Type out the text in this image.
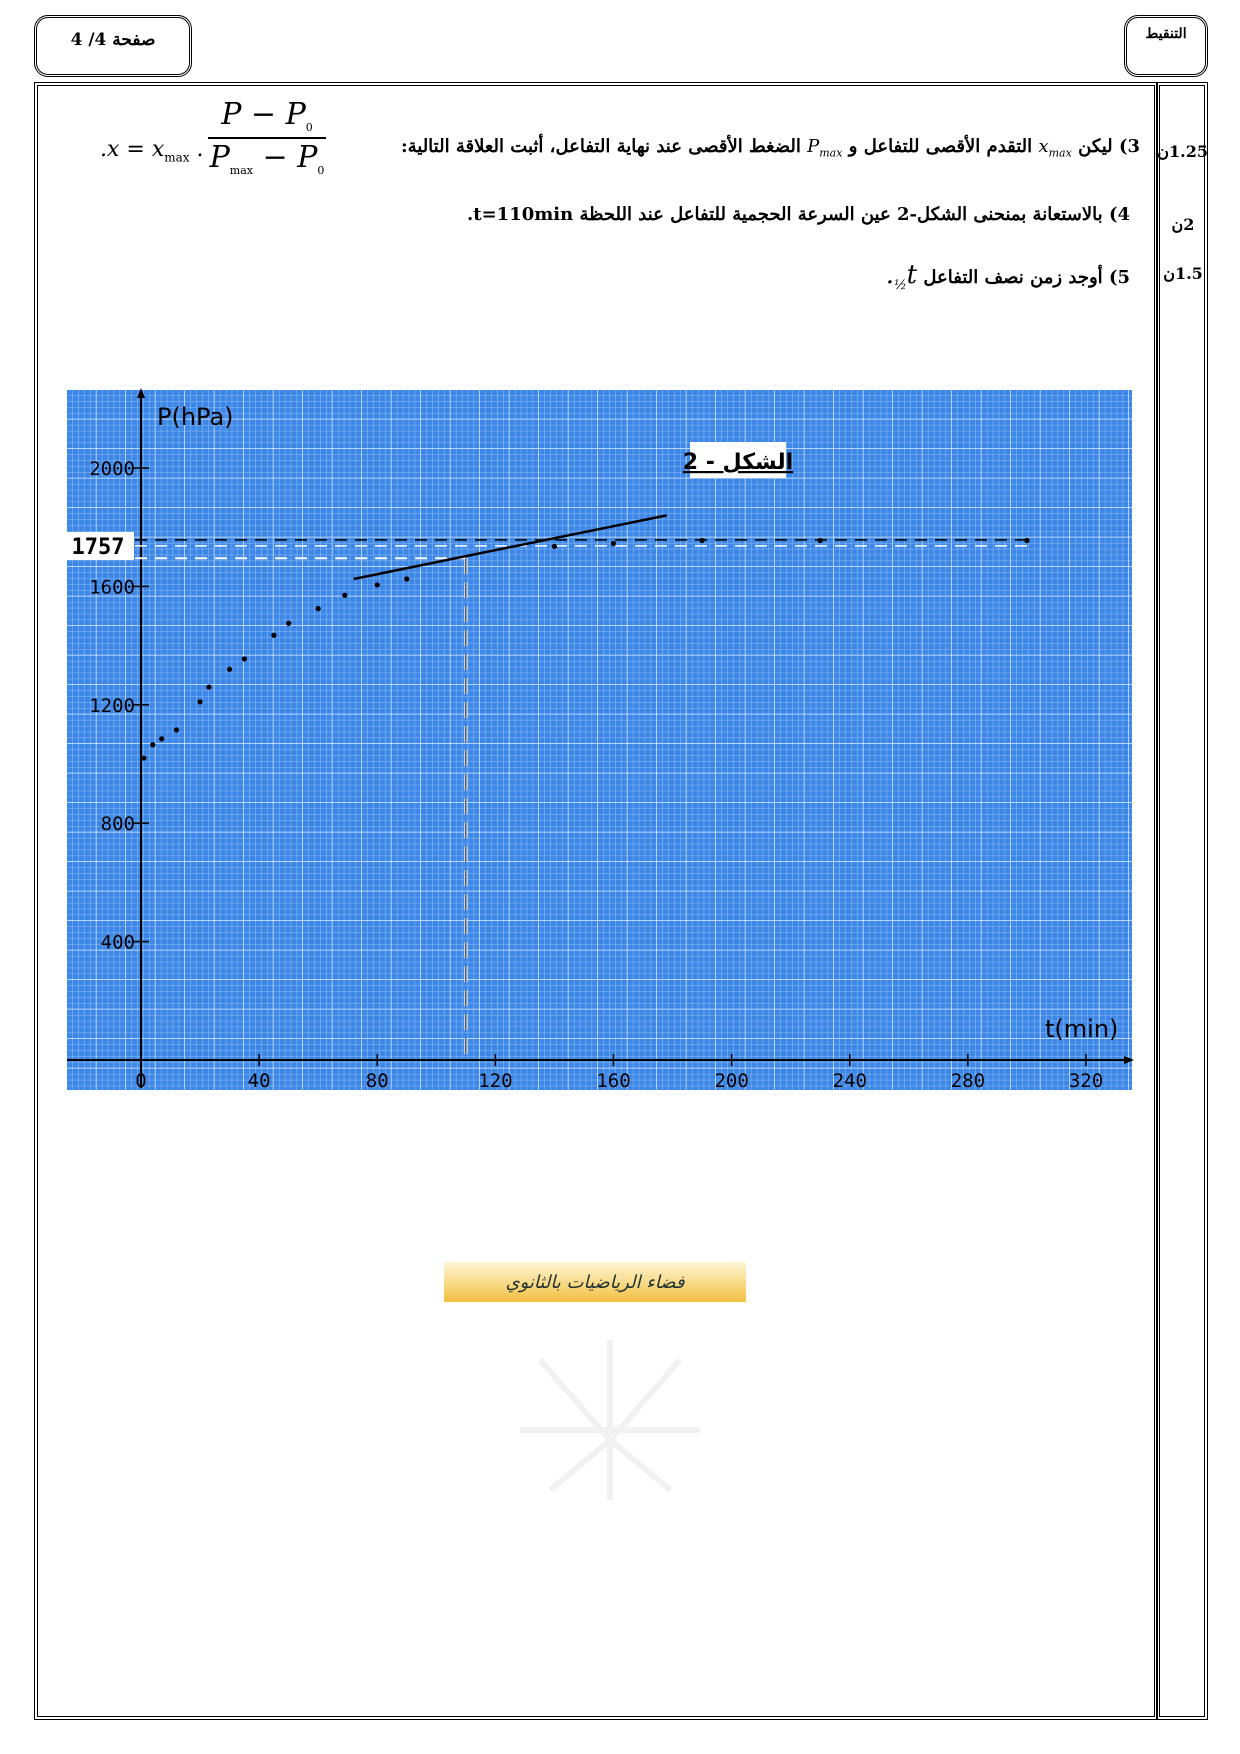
صفحة 4/ 4	التنقيط
1.25ن
2ن
1.5ن
3) ليكن $x_{max}$ التقدم الأقصى للتفاعل و $P_{max}$ الضغط الأقصى عند نهاية التفاعل، أثبت العلاقة التالية:
$.x = x_{max}$ .
$P - P_0$
$P_{max} - P_0$
4) بالاستعانة بمنحنى الشكل-2 عين السرعة الحجمية للتفاعل عند اللحظة t=110min.
5) أوجد زمن نصف التفاعل $t_{\frac{1}{2}}$.
0	40	80	120	160	200	240	280	320
400
800
1200
1600
2000
P(hPa)
t(min)
الشكل - 2
1757
فضاء الرياضيات بالثانوي
